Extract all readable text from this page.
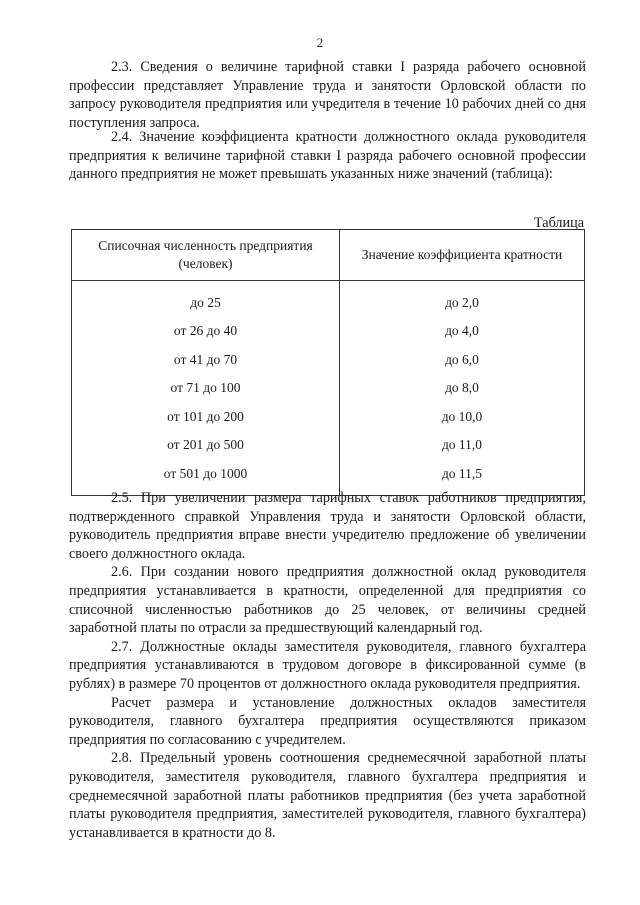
2

2.3. Сведения о величине тарифной ставки I разряда рабочего основной профессии представляет Управление труда и занятости Орловской области по запросу руководителя предприятия или учредителя в течение 10 рабочих дней со дня поступления запроса.

2.4. Значение коэффициента кратности должностного оклада руководителя предприятия к величине тарифной ставки I разряда рабочего основной профессии данного предприятия не может превышать указанных ниже значений (таблица):

Таблица
Списочная численность предприятия (человек)	Значение коэффициента кратности
до 25	до 2,0
от 26 до 40	до 4,0
от 41 до 70	до 6,0
от 71 до 100	до 8,0
от 101 до 200	до 10,0
от 201 до 500	до 11,0
от 501 до 1000	до 11,5

2.5. При увеличении размера тарифных ставок работников предприятия, подтвержденного справкой Управления труда и занятости Орловской области, руководитель предприятия вправе внести учредителю предложение об увеличении своего должностного оклада.

2.6. При создании нового предприятия должностной оклад руководителя предприятия устанавливается в кратности, определенной для предприятия со списочной численностью работников до 25 человек, от величины средней заработной платы по отрасли за предшествующий календарный год.

2.7. Должностные оклады заместителя руководителя, главного бухгалтера предприятия устанавливаются в трудовом договоре в фиксированной сумме (в рублях) в размере 70 процентов от должностного оклада руководителя предприятия.

Расчет размера и установление должностных окладов заместителя руководителя, главного бухгалтера предприятия осуществляются приказом предприятия по согласованию с учредителем.

2.8. Предельный уровень соотношения среднемесячной заработной платы руководителя, заместителя руководителя, главного бухгалтера предприятия и среднемесячной заработной платы работников предприятия (без учета заработной платы руководителя предприятия, заместителей руководителя, главного бухгалтера) устанавливается в кратности до 8.
